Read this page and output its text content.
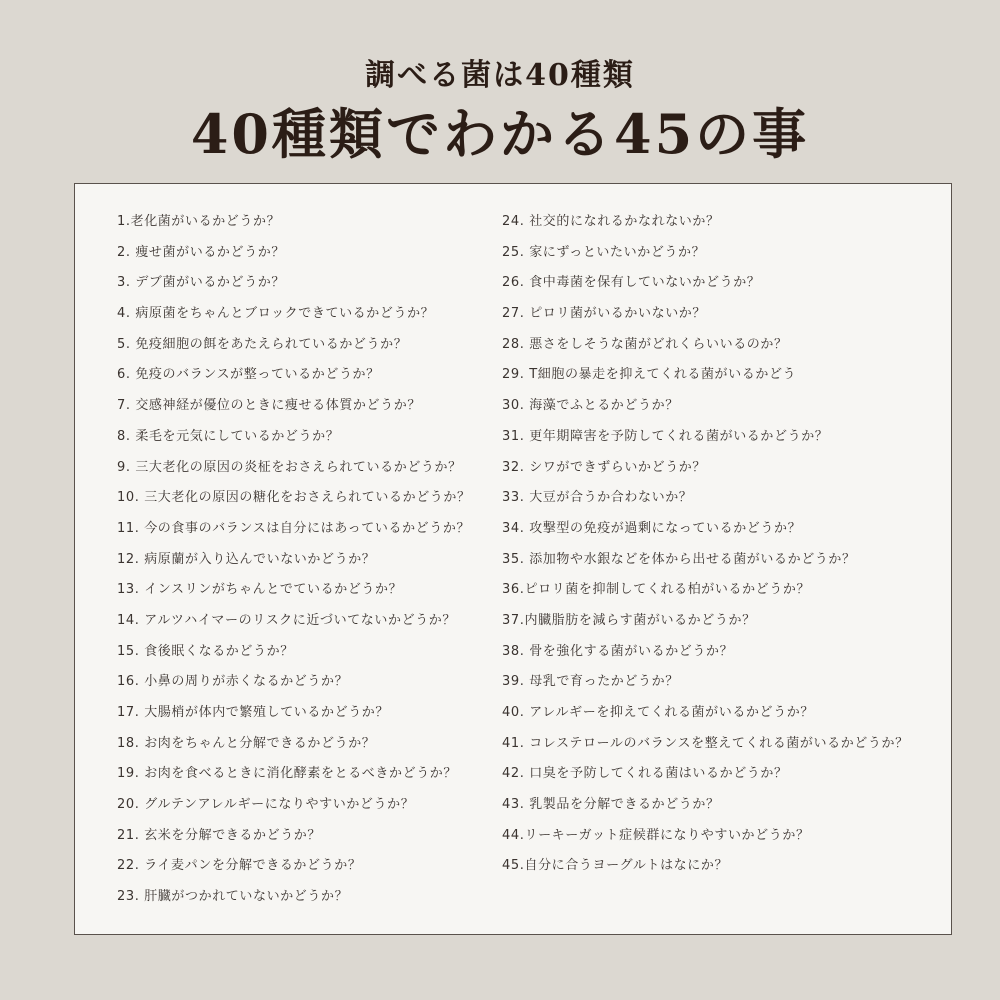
調べる菌は40種類
40種類でわかる45の事
1.老化菌がいるかどうか？
2. 痩せ菌がいるかどうか？
3. デブ菌がいるかどうか？
4. 病原菌をちゃんとブロックできているかどうか？
5. 免疫細胞の餌をあたえられているかどうか？
6. 免疫のバランスが整っているかどうか？
7. 交感神経が優位のときに痩せる体質かどうか？
8. 柔毛を元気にしているかどうか？
9. 三大老化の原因の炎柾をおさえられているかどうか？
10. 三大老化の原因の糖化をおさえられているかどうか？
11. 今の食事のバランスは自分にはあっているかどうか？
12. 病原蘭が入り込んでいないかどうか？
13. インスリンがちゃんとでているかどうか？
14. アルツハイマーのリスクに近づいてないかどうか？
15. 食後眠くなるかどうか？
16. 小鼻の周りが赤くなるかどうか？
17. 大腸梢が体内で繁殖しているかどうか？
18. お肉をちゃんと分解できるかどうか？
19. お肉を食べるときに消化酵素をとるべきかどうか？
20. グルテンアレルギーになりやすいかどうか？
21. 玄米を分解できるかどうか？
22. ライ麦パンを分解できるかどうか？
23. 肝臓がつかれていないかどうか？
24. 社交的になれるかなれないか？
25. 家にずっといたいかどうか？
26. 食中毒菌を保有していないかどうか？
27. ピロリ菌がいるかいないか？
28. 悪さをしそうな菌がどれくらいいるのか？
29. T細胞の暴走を抑えてくれる菌がいるかどう
30. 海藻でふとるかどうか？
31. 更年期障害を予防してくれる菌がいるかどうか？
32. シワができずらいかどうか？
33. 大豆が合うか合わないか？
34. 攻撃型の免疫が過剰になっているかどうか？
35. 添加物や水銀などを体から出せる菌がいるかどうか？
36.ピロリ菌を抑制してくれる柏がいるかどうか？
37.内臓脂肪を減らす菌がいるかどうか？
38. 骨を強化する菌がいるかどうか？
39. 母乳で育ったかどうか？
40. アレルギーを抑えてくれる菌がいるかどうか？
41. コレステロールのバランスを整えてくれる菌がいるかどうか？
42. 口臭を予防してくれる菌はいるかどうか？
43. 乳製品を分解できるかどうか？
44.リーキーガット症候群になりやすいかどうか？
45.自分に合うヨーグルトはなにか？
